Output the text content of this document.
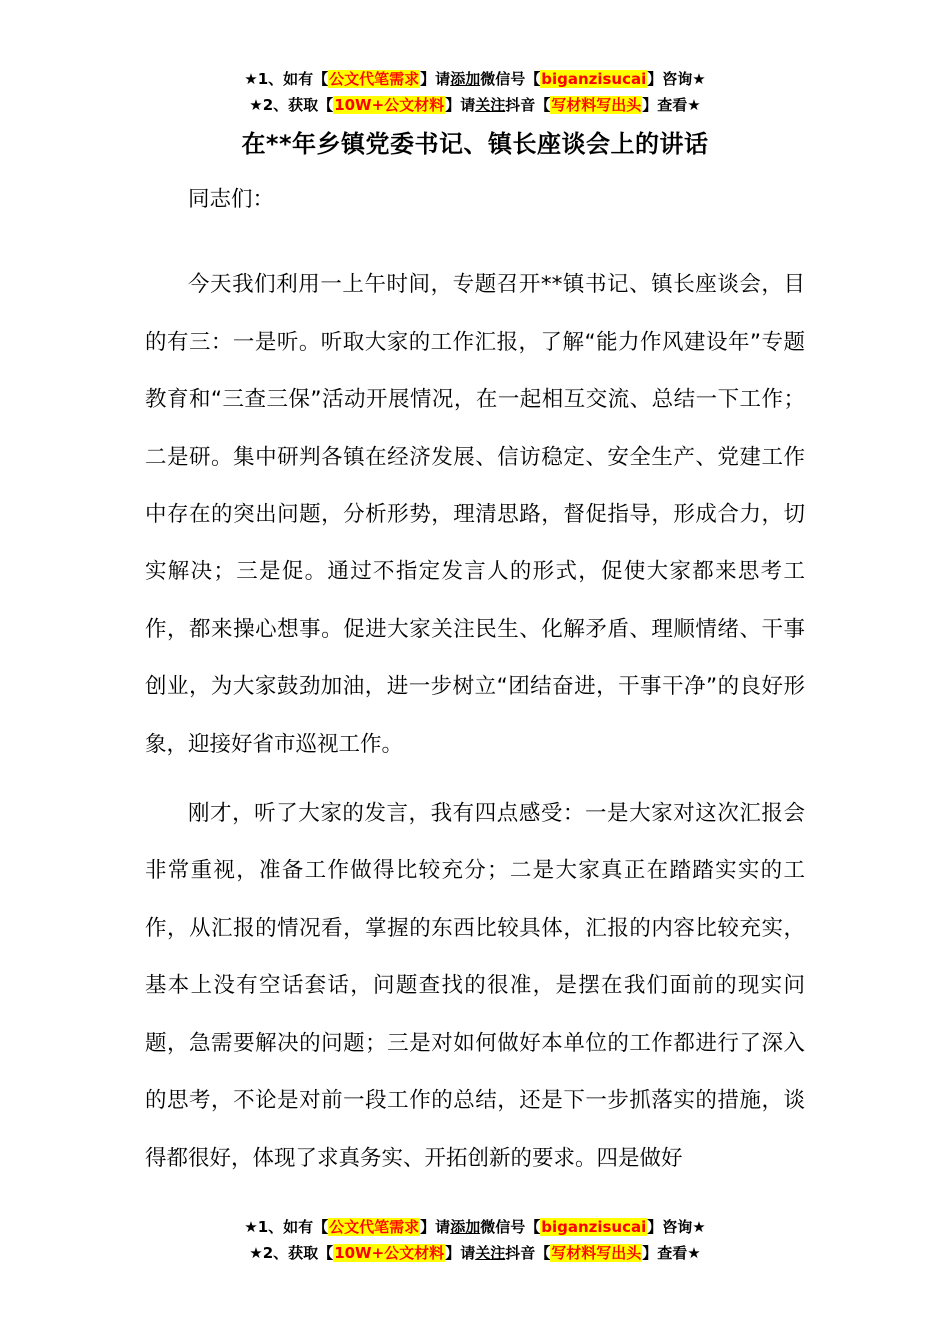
★1、如有【公文代笔需求】请添加微信号【biganzisucai】咨询★
★2、获取【10W+公文材料】请关注抖音【写材料写出头】查看★
在**年乡镇党委书记、镇长座谈会上的讲话

同志们：

今天我们利用一上午时间，专题召开**镇书记、镇长座谈会，目的有三：一是听。听取大家的工作汇报，了解“能力作风建设年”专题教育和“三查三保”活动开展情况，在一起相互交流、总结一下工作；二是研。集中研判各镇在经济发展、信访稳定、安全生产、党建工作中存在的突出问题，分析形势，理清思路，督促指导，形成合力，切实解决；三是促。通过不指定发言人的形式，促使大家都来思考工作，都来操心想事。促进大家关注民生、化解矛盾、理顺情绪、干事创业，为大家鼓劲加油，进一步树立“团结奋进，干事干净”的良好形象，迎接好省市巡视工作。

刚才，听了大家的发言，我有四点感受：一是大家对这次汇报会非常重视，准备工作做得比较充分；二是大家真正在踏踏实实的工作，从汇报的情况看，掌握的东西比较具体，汇报的内容比较充实，基本上没有空话套话，问题查找的很准，是摆在我们面前的现实问题，急需要解决的问题；三是对如何做好本单位的工作都进行了深入的思考，不论是对前一段工作的总结，还是下一步抓落实的措施，谈得都很好，体现了求真务实、开拓创新的要求。四是做好

★1、如有【公文代笔需求】请添加微信号【biganzisucai】咨询★
★2、获取【10W+公文材料】请关注抖音【写材料写出头】查看★
